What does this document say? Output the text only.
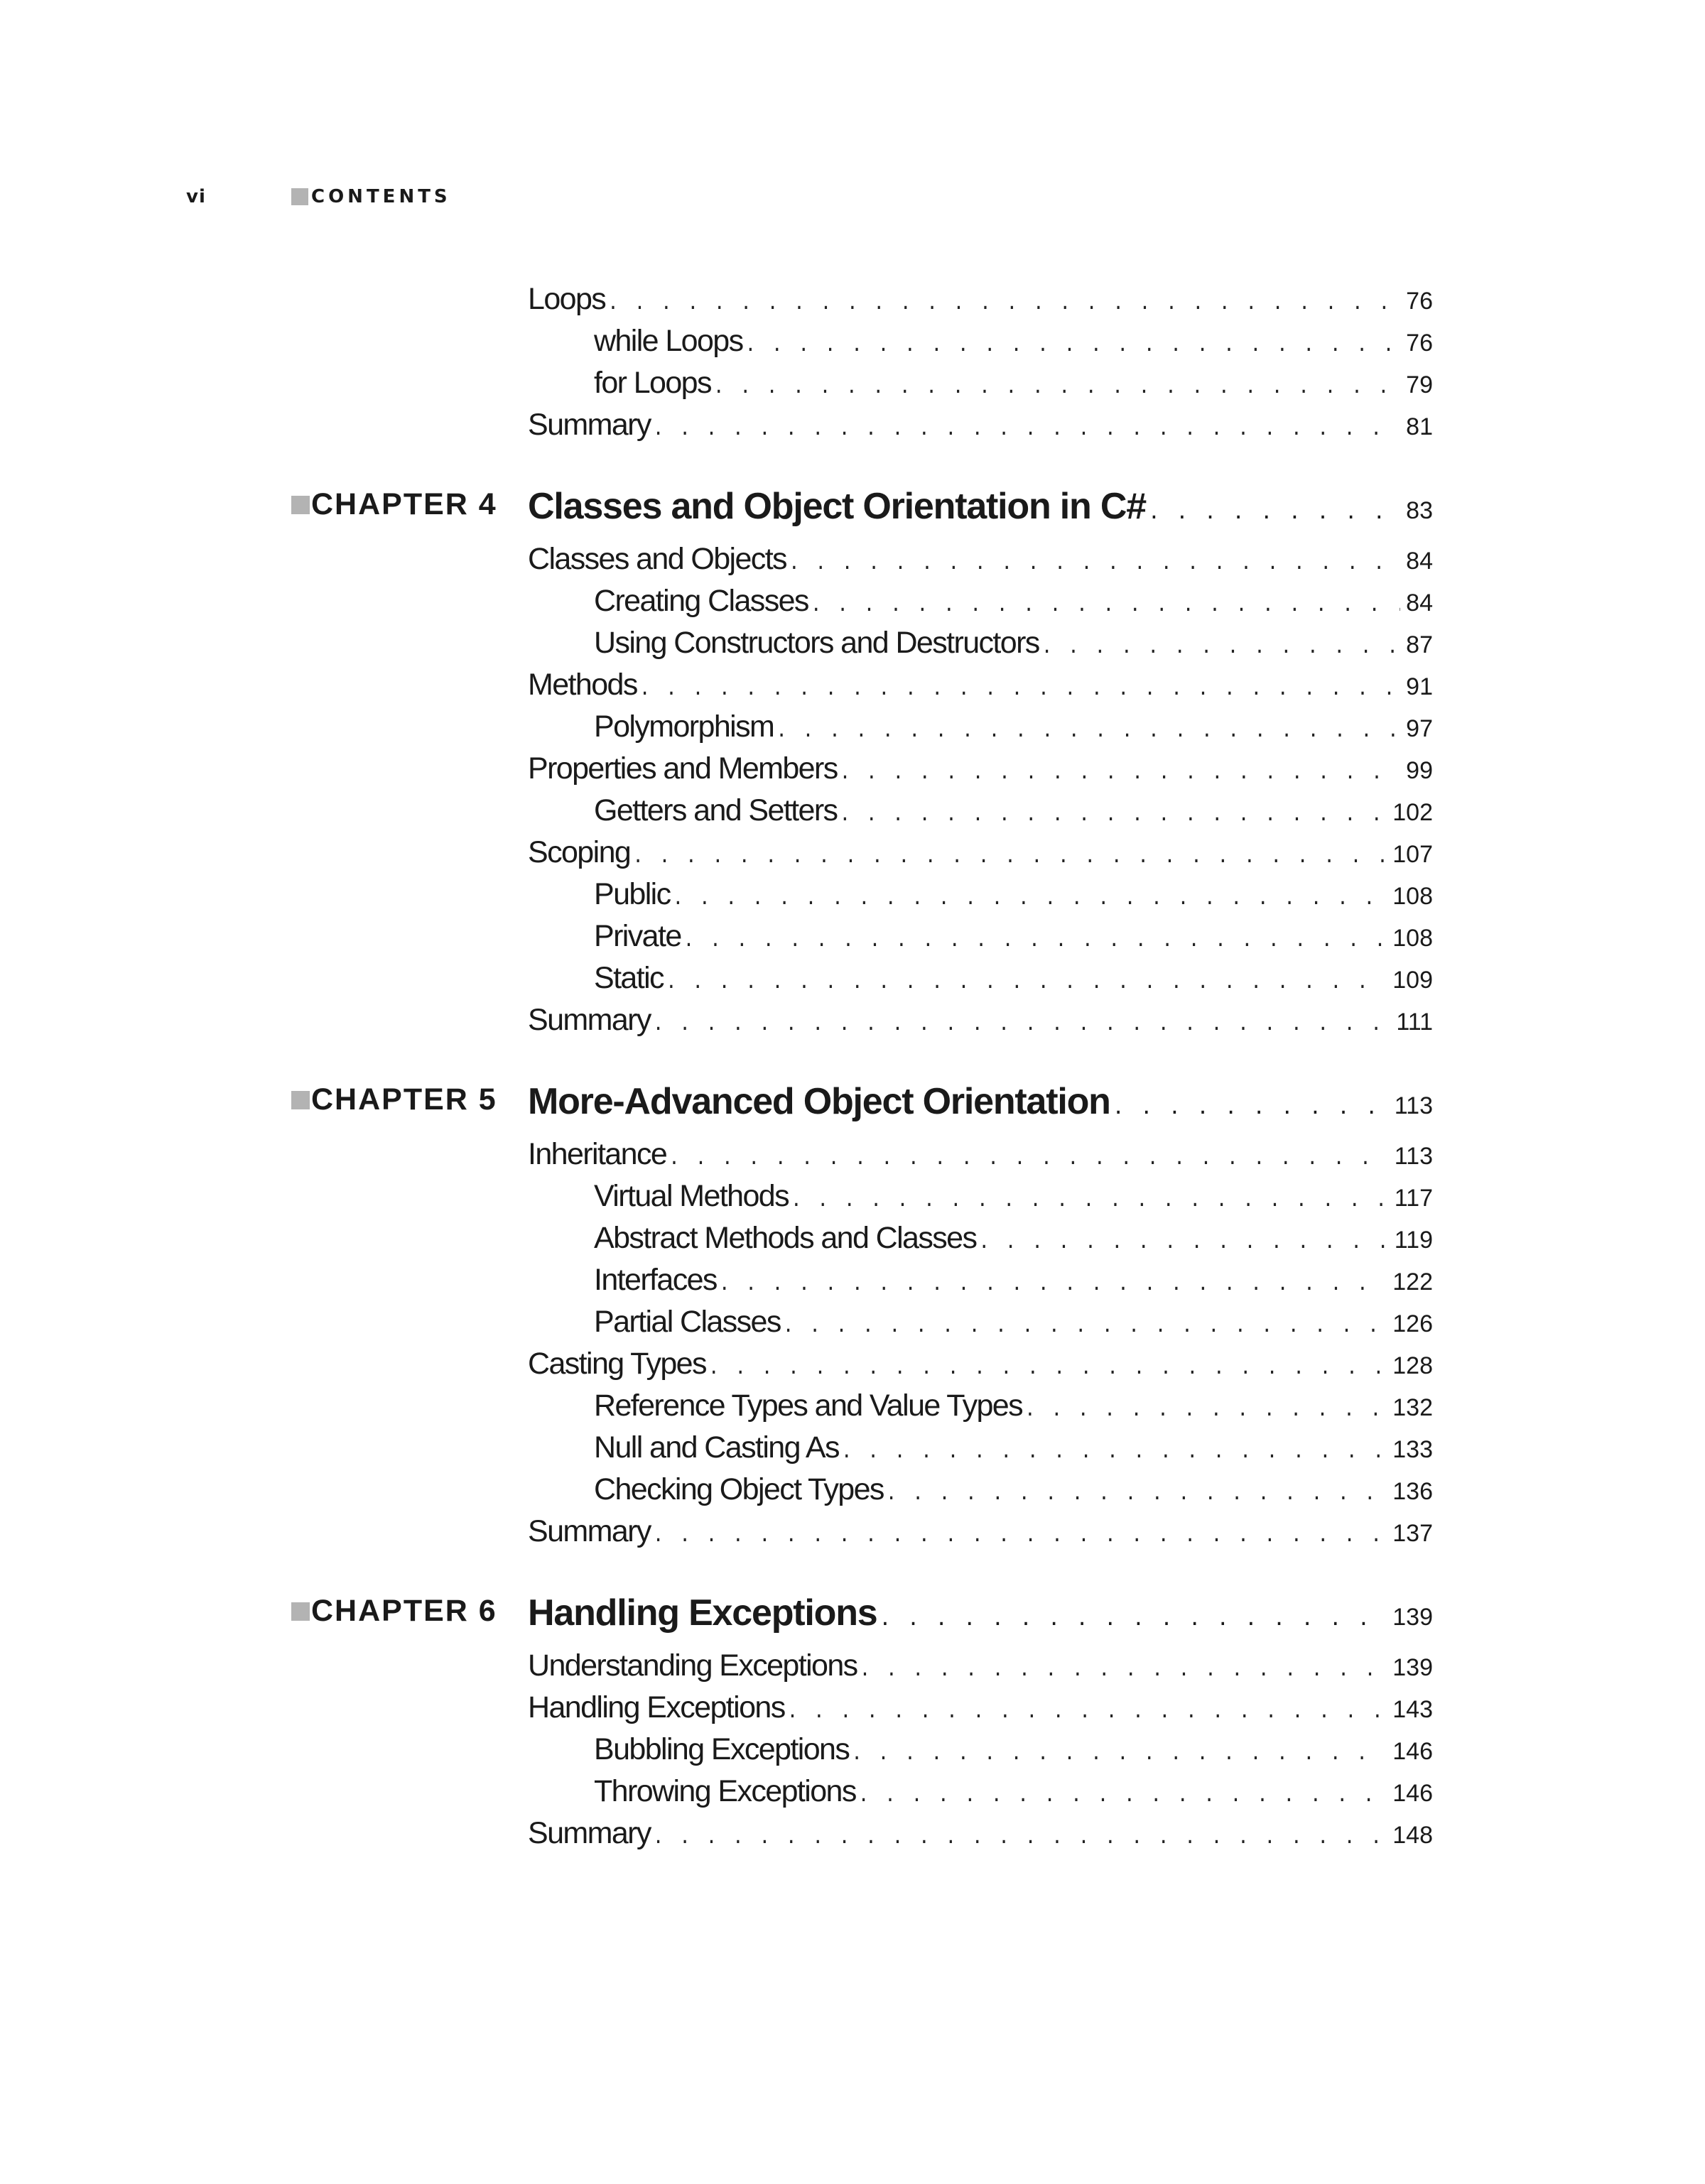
vi	CONTENTS
Loops . . .	76
while Loops . . .	76
for Loops . . .	79
Summary . . .	81
CHAPTER 4 Classes and Object Orientation in C# . . .	83
Classes and Objects . . .	84
Creating Classes . . .	84
Using Constructors and Destructors . . .	87
Methods . . .	91
Polymorphism . . .	97
Properties and Members . . .	99
Getters and Setters . . .	102
Scoping . . .	107
Public . . .	108
Private . . .	108
Static . . .	109
Summary . . .	111
CHAPTER 5 More-Advanced Object Orientation . . .	113
Inheritance . . .	113
Virtual Methods . . .	117
Abstract Methods and Classes . . .	119
Interfaces . . .	122
Partial Classes . . .	126
Casting Types . . .	128
Reference Types and Value Types . . .	132
Null and Casting As . . .	133
Checking Object Types . . .	136
Summary . . .	137
CHAPTER 6 Handling Exceptions . . .	139
Understanding Exceptions . . .	139
Handling Exceptions . . .	143
Bubbling Exceptions . . .	146
Throwing Exceptions . . .	146
Summary . . .	148
